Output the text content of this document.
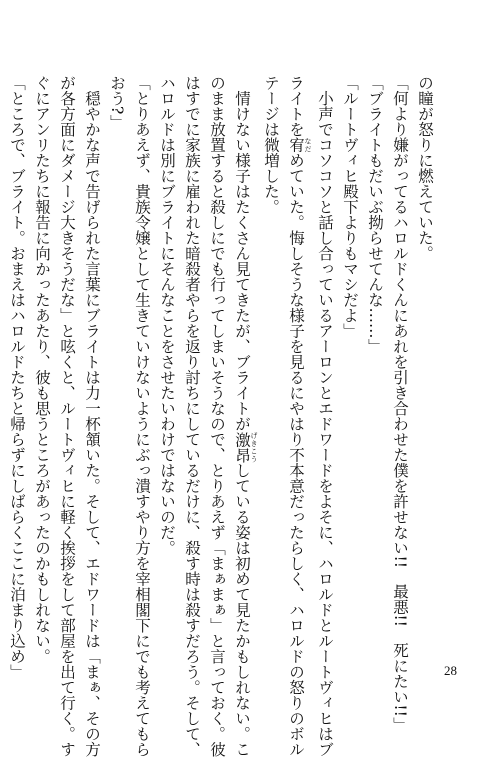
の瞳が怒りに燃えていた。
「何より嫌がってるハロルドくんにあれを引き合わせた僕を許せない!!　最悪!!　死にたい!!」
「ブライトもだいぶ拗らせてんな……」
「ルートヴィヒ殿下よりもマシだよ」
　小声でコソコソと話し合っているアーロンとエドワードをよそに、ハロルドとルートヴィヒはブ
ライトを宥 なだめていた。悔しそうな様子を見るにやはり不本意だったらしく、ハロルドの怒りのボル
テージは微増した。
　情けない様子はたくさん見てきたが、ブライトが激昂 げきこうしている姿は初めて見たかもしれない。こ
のまま放置すると殺しにでも行ってしまいそうなので、とりあえず「まぁまぁ」と言っておく。彼
はすでに家族に雇われた暗殺者やらを返り討ちにしているだけに、殺す時は殺すだろう。そして、
ハロルドは別にブライトにそんなことをさせたいわけではないのだ。
「とりあえず、貴族令嬢として生きていけないようにぶっ潰すやり方を宰相閣下にでも考えてもら
おう?」
　穏やかな声で告げられた言葉にブライトは力一杯頷いた。そして、エドワードは「まぁ、その方
が各方面にダメージ大きそうだな」と呟くと、ルートヴィヒに軽く挨拶をして部屋を出て行く。す
ぐにアンリたちに報告に向かったあたり、彼も思うところがあったのかもしれない。
「ところで、ブライト。おまえはハロルドたちと帰らずにしばらくここに泊まり込め」	28
